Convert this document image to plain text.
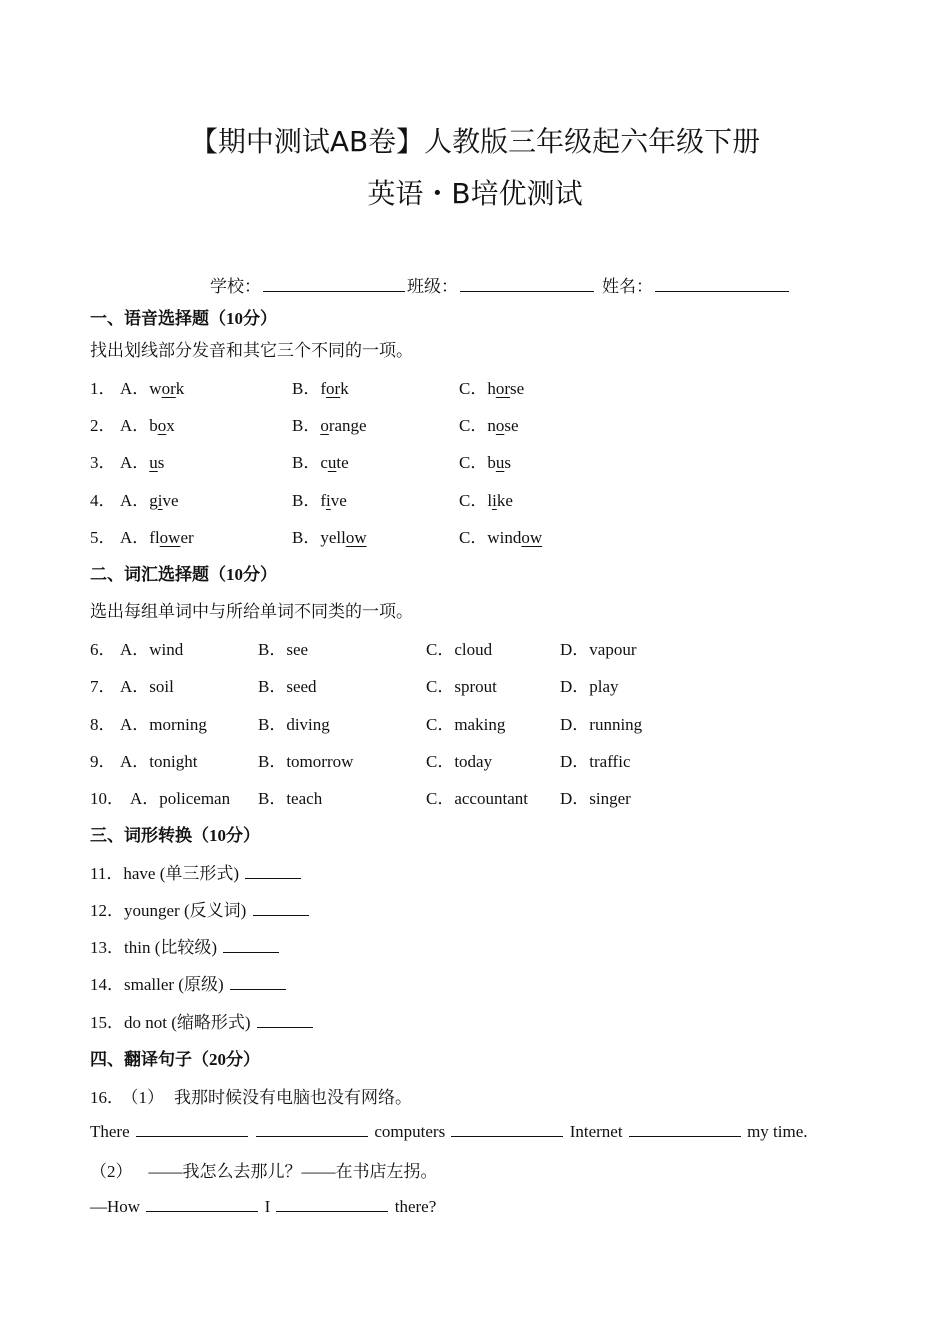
【期中测试AB卷】人教版三年级起六年级下册
英语・B培优测试
学校：	班级：	姓名：
一、语音选择题（10分）
找出划线部分发音和其它三个不同的一项。
1． A．work	B．fork	C．horse
2． A．box	B．orange	C．nose
3． A．us	B．cute	C．bus
4． A．give	B．five	C．like
5． A．flower	B．yellow	C．window
二、词汇选择题（10分）
选出每组单词中与所给单词不同类的一项。
6． A．wind	B．see	C．cloud	D．vapour
7． A．soil	B．seed	C．sprout	D．play
8． A．morning	B．diving	C．making	D．running
9． A．tonight	B．tomorrow	C．today	D．traffic
10． A．policeman B．teach	C．accountant D．singer
三、词形转换（10分）
11．have (单三形式)
12．younger (反义词)
13．thin (比较级)
14．smaller (原级)
15．do not (缩略形式)
四、翻译句子（20分）
16． （1） 我那时候没有电脑也没有网络。
There	computers	Internet	my time.
（2） ——我怎么去那儿？——在书店左拐。
—How	I	there?
